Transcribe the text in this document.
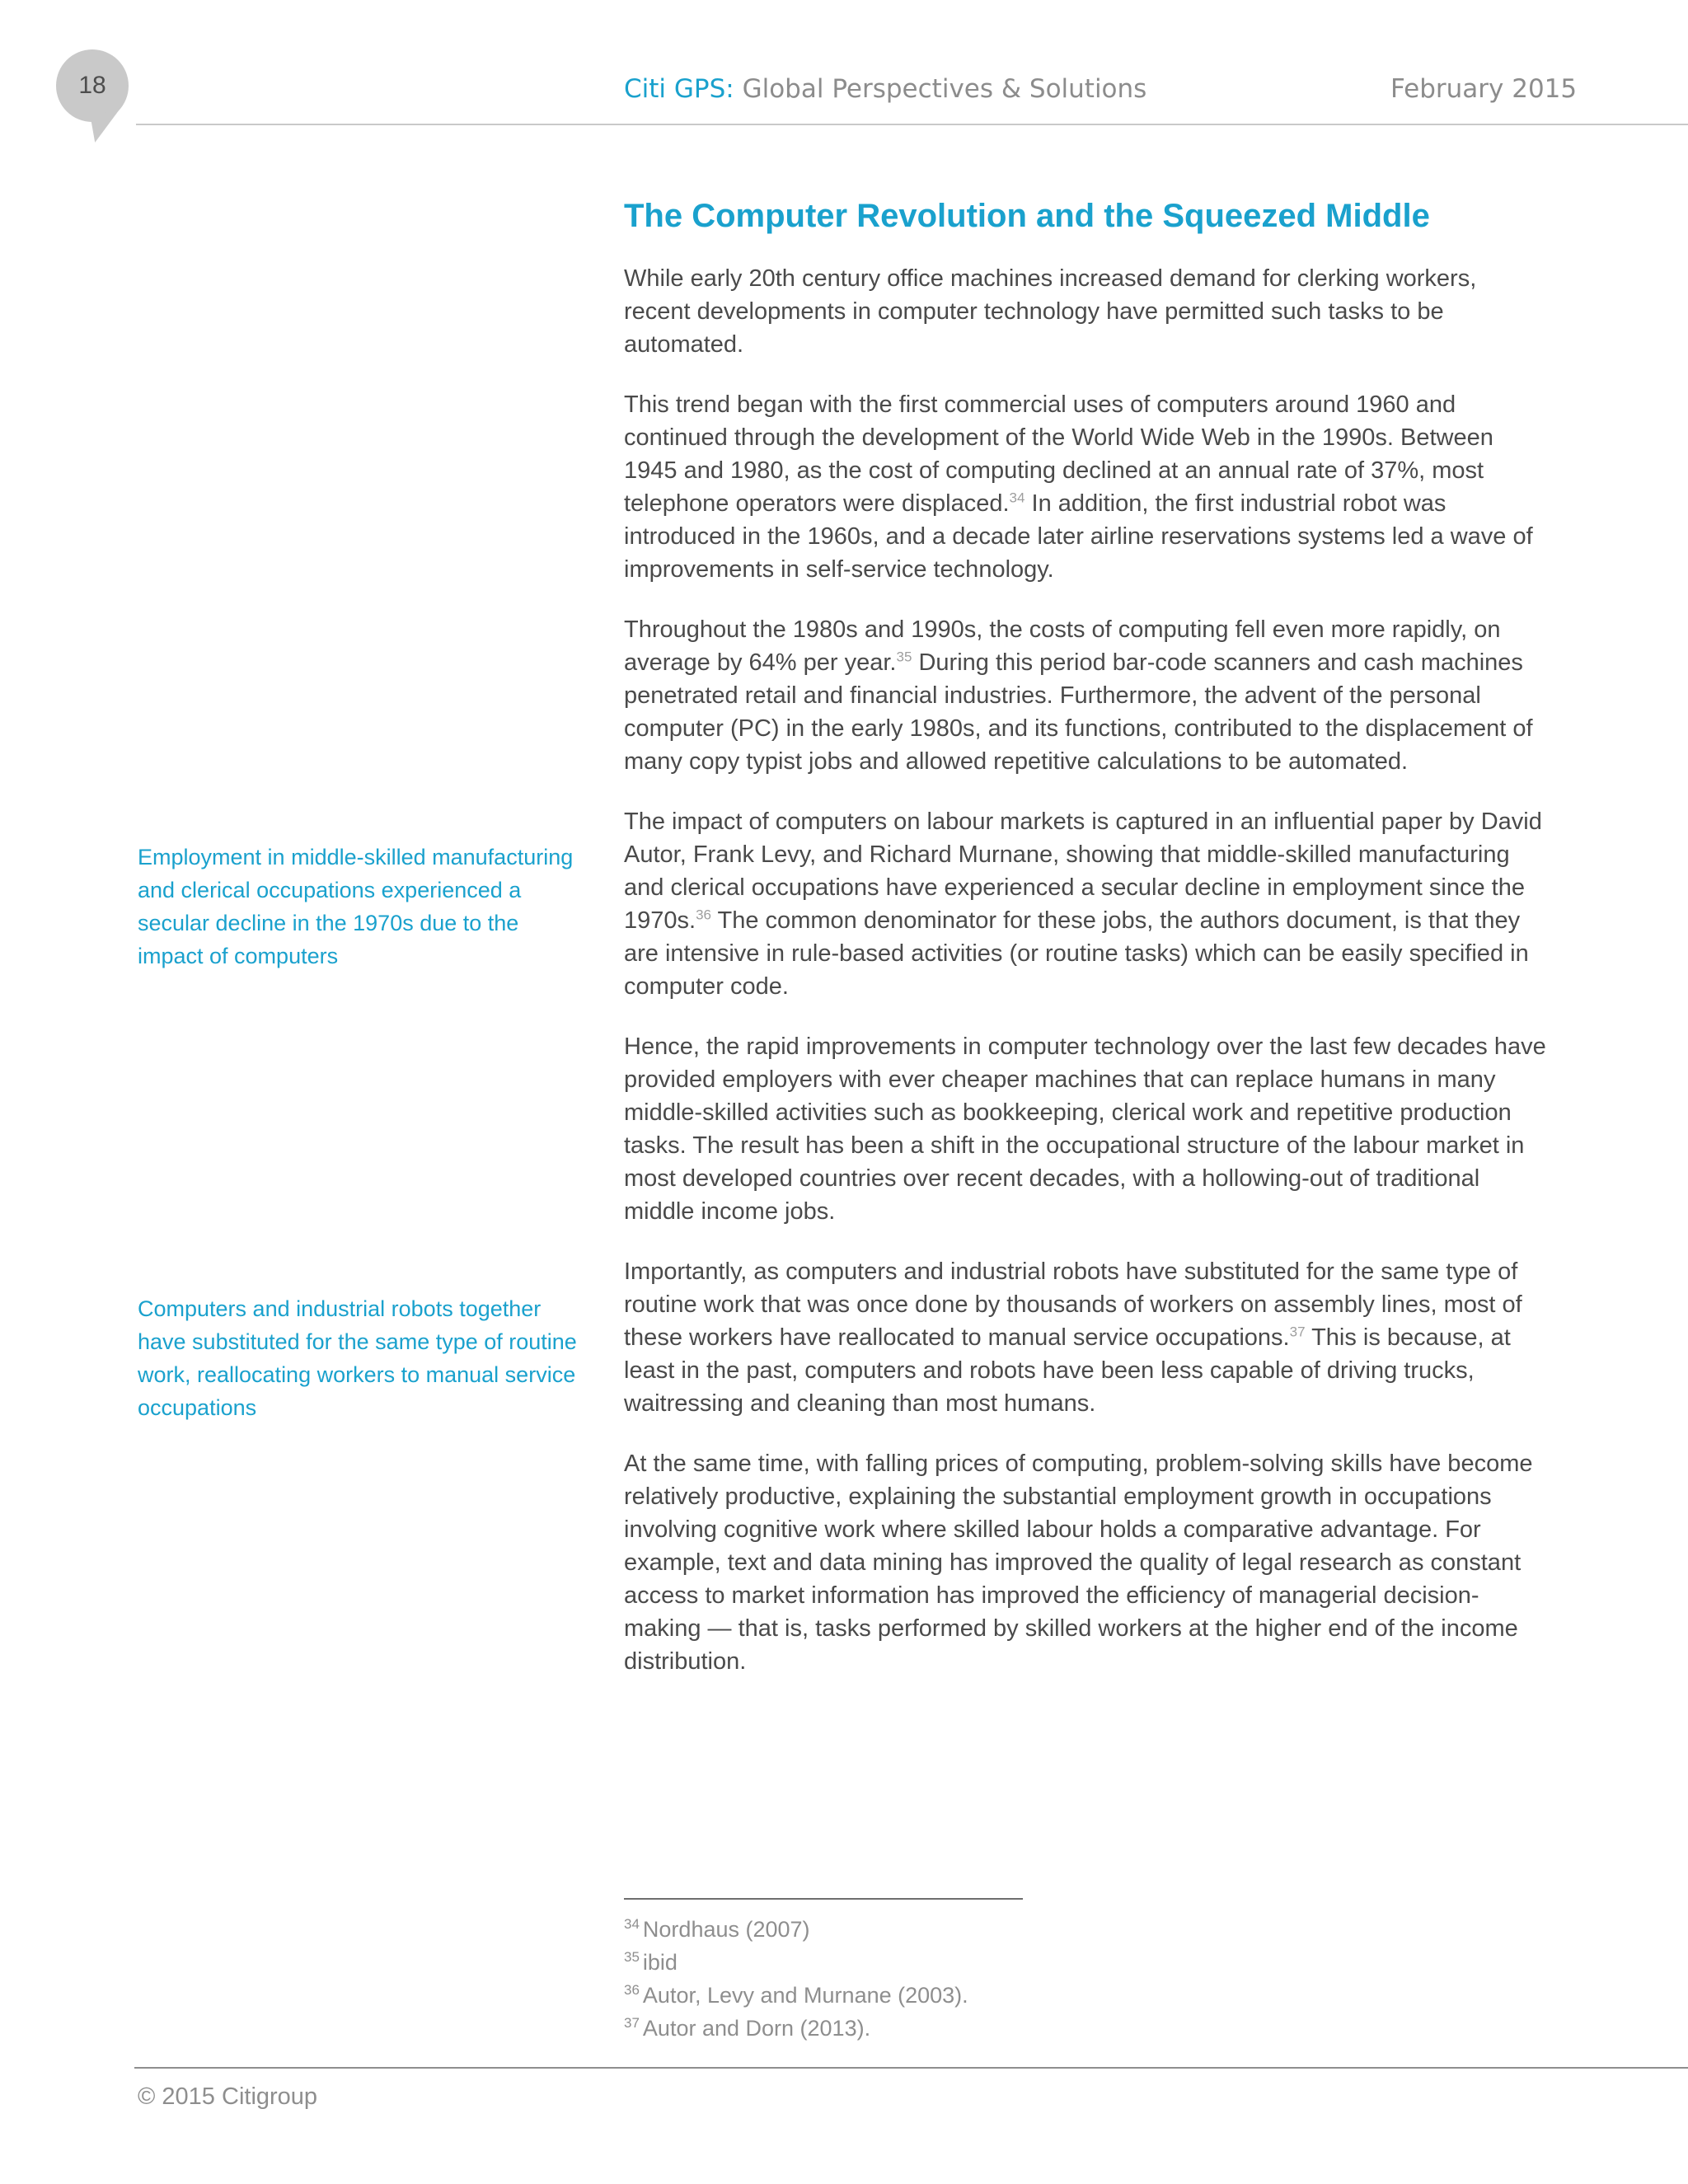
18	Citi GPS: Global Perspectives & Solutions	February 2015
The Computer Revolution and the Squeezed Middle

While early 20th century office machines increased demand for clerking workers, recent developments in computer technology have permitted such tasks to be automated.

This trend began with the first commercial uses of computers around 1960 and continued through the development of the World Wide Web in the 1990s. Between 1945 and 1980, as the cost of computing declined at an annual rate of 37%, most telephone operators were displaced.$^{34}$ In addition, the first industrial robot was introduced in the 1960s, and a decade later airline reservations systems led a wave of improvements in self-service technology.

Throughout the 1980s and 1990s, the costs of computing fell even more rapidly, on average by 64% per year.$^{35}$ During this period bar-code scanners and cash machines penetrated retail and financial industries. Furthermore, the advent of the personal computer (PC) in the early 1980s, and its functions, contributed to the displacement of many copy typist jobs and allowed repetitive calculations to be automated.

The impact of computers on labour markets is captured in an influential paper by David Autor, Frank Levy, and Richard Murnane, showing that middle-skilled manufacturing and clerical occupations have experienced a secular decline in employment since the 1970s.$^{36}$ The common denominator for these jobs, the authors document, is that they are intensive in rule-based activities (or routine tasks) which can be easily specified in computer code.

Hence, the rapid improvements in computer technology over the last few decades have provided employers with ever cheaper machines that can replace humans in many middle-skilled activities such as bookkeeping, clerical work and repetitive production tasks. The result has been a shift in the occupational structure of the labour market in most developed countries over recent decades, with a hollowing-out of traditional middle income jobs.

Importantly, as computers and industrial robots have substituted for the same type of routine work that was once done by thousands of workers on assembly lines, most of these workers have reallocated to manual service occupations.$^{37}$ This is because, at least in the past, computers and robots have been less capable of driving trucks, waitressing and cleaning than most humans.

At the same time, with falling prices of computing, problem-solving skills have become relatively productive, explaining the substantial employment growth in occupations involving cognitive work where skilled labour holds a comparative advantage. For example, text and data mining has improved the quality of legal research as constant access to market information has improved the efficiency of managerial decision-making — that is, tasks performed by skilled workers at the higher end of the income distribution.

Employment in middle-skilled manufacturing and clerical occupations experienced a secular decline in the 1970s due to the impact of computers

Computers and industrial robots together have substituted for the same type of routine work, reallocating workers to manual service occupations

$^{34}$ Nordhaus (2007)

$^{35}$ ibid

$^{36}$ Autor, Levy and Murnane (2003).

$^{37}$ Autor and Dorn (2013).

© 2015 Citigroup
